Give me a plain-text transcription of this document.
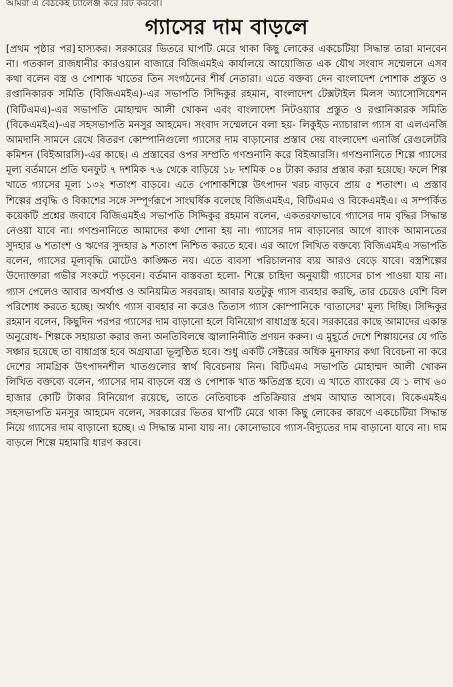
আমরা এ বৈঠকেই চ্যালেঞ্জ করে রিট করবো।
গ্যাসের দাম বাড়লে
[প্রথম পৃষ্ঠার পর] হাস্যকর। সরকারের ভিতরে ঘাপটি মেরে থাকা কিছু লোকের একচেটিয়া সিদ্ধান্ত তারা মানবেন না। গতকাল রাজধানীর কারওয়ান বাজারে বিজিএমইএ কার্যালয়ে আয়োজিত এক যৌথ সংবাদ সম্মেলনে এসব কথা বলেন বস্ত্র ও পোশাক খাতের তিন সংগঠনের শীর্ষ নেতারা। এতে বক্তব্য দেন বাংলাদেশ পোশাক প্রস্তুত ও রপ্তানিকারক সমিতি (বিজিএমইএ)-এর সভাপতি সিদ্দিকুর রহমান, বাংলাদেশ টেক্সটাইল মিলস অ্যাসোসিয়েশন (বিটিএমএ)-এর সভাপতি মোহাম্মদ আলী খোকন এবং বাংলাদেশ নিটওয়্যার প্রস্তুত ও রপ্তানিকারক সমিতি (বিকেএমইএ)-এর সহসভাপতি মনসুর আহমেদ। সংবাদ সম্মেলনে বলা হয়- লিকুইড ন্যাচারাল গ্যাস বা এলএনজি আমদানি সামনে রেখে বিতরণ কোম্পানিগুলো গ্যাসের দাম বাড়ানোর প্রস্তাব দেয় বাংলাদেশ এনার্জি রেগুলেটরি কমিশন (বিইআরসি)-এর কাছে। এ প্রস্তাবের ওপর সম্প্রতি গণশুনানি করে বিইআরসি। গণশুনানিতে শিল্পে গ্যাসের মূল্য বর্তমানে প্রতি ঘনফুট ৭ দশমিক ৭৬ থেকে বাড়িয়ে ১৮ দশমিক ০৪ টাকা করার প্রস্তাব করা হয়েছে। ফলে শিল্প খাতে গ্যাসের মূল্য ১৩২ শতাংশ বাড়বে। এতে পোশাকশিল্পে উৎপাদন খরচ বাড়বে প্রায় ৫ শতাংশ। এ প্রস্তাব শিল্পের প্রবৃদ্ধি ও বিকাশের সঙ্গে সম্পূর্ণরূপে সাংঘর্ষিক বলেছে বিজিএমইএ, বিটিএমএ ও বিকেএমইএ। এ সম্পর্কিত কয়েকটি প্রশ্নের জবাবে বিজিএমইএ সভাপতি সিদ্দিকুর রহমান বলেন, একতরফাভাবে গ্যাসের দাম বৃদ্ধির সিদ্ধান্ত নেওয়া যাবে না। গণশুনানিতে আমাদের কথা শোনা হয় না। গ্যাসের দাম বাড়ানোর আগে ব্যাংক আমানতের সুদহার ৬ শতাংশ ও ঋণের সুদহার ৯ শতাংশ নিশ্চিত করতে হবে। এর আগে লিখিত বক্তব্যে বিজিএমইএ সভাপতি বলেন, গ্যাসের মূল্যবৃদ্ধি মোটেও কাঙ্ক্ষিত নয়। এতে ব্যবসা পরিচালনার ব্যয় আরও বেড়ে যাবে। বস্ত্রশিল্পের উদ্যোক্তারা গভীর সংকটে পড়বেন। বর্তমান বাস্তবতা হলো- শিল্পে চাহিদা অনুযায়ী গ্যাসের চাপ পাওয়া যায় না। গ্যাস পেলেও আবার অপর্যাপ্ত ও অনিয়মিত সরবরাহ। আবার যতটুকু গ্যাস ব্যবহার করছি, তার চেয়েও বেশি বিল পরিশোধ করতে হচ্ছে। অর্থাৎ গ্যাস ব্যবহার না করেও তিতাস গ্যাস কোম্পানিকে 'বাতাসের' মূল্য দিচ্ছি। সিদ্দিকুর রহমান বলেন, কিছুদিন পরপর গ্যাসের দাম বাড়ানো হলে বিনিয়োগ বাধাগ্রস্ত হবে। সরকারের কাছে আমাদের একান্ত অনুরোধ- শিল্পকে সহায়তা করার জন্য অনতিবিলম্বে জ্বালানিনীতি প্রণয়ন করুন। এ মুহূর্তে দেশে শিল্পায়নের যে গতি সঞ্চার হয়েছে তা বাধাগ্রস্ত হবে অগ্রযাত্রা ভূলুণ্ঠিত হবে। শুধু একটি সেক্টরের অধিক মুনাফার কথা বিবেচনা না করে দেশের সামগ্রিক উৎপাদনশীল খাতগুলোর স্বার্থ বিবেচনায় নিন। বিটিএমএ সভাপতি মোহাম্মদ আলী খোকন লিখিত বক্তব্যে বলেন, গ্যাসের দাম বাড়লে বস্ত্র ও পোশাক খাত ক্ষতিগ্রস্ত হবে। এ খাতে ব্যাংকের যে ১ লাখ ৬০ হাজার কোটি টাকার বিনিয়োগ রয়েছে, তাতে নেতিবাচক প্রতিক্রিয়ার প্রথম আঘাত আসবে। বিকেএমইএ সহসভাপতি মনসুর আহমেদ বলেন, সরকারের ভিতর ঘাপটি মেরে থাকা কিছু লোকের কারণে একচেটিয়া সিদ্ধান্ত নিয়ে গ্যাসের দাম বাড়ানো হচ্ছে। এ সিদ্ধান্ত মানা যায় না। কোনোভাবে গ্যাস-বিদ্যুতের দাম বাড়ানো যাবে না। দাম বাড়লে শিল্পে মহামারি ধারণ করবে।
